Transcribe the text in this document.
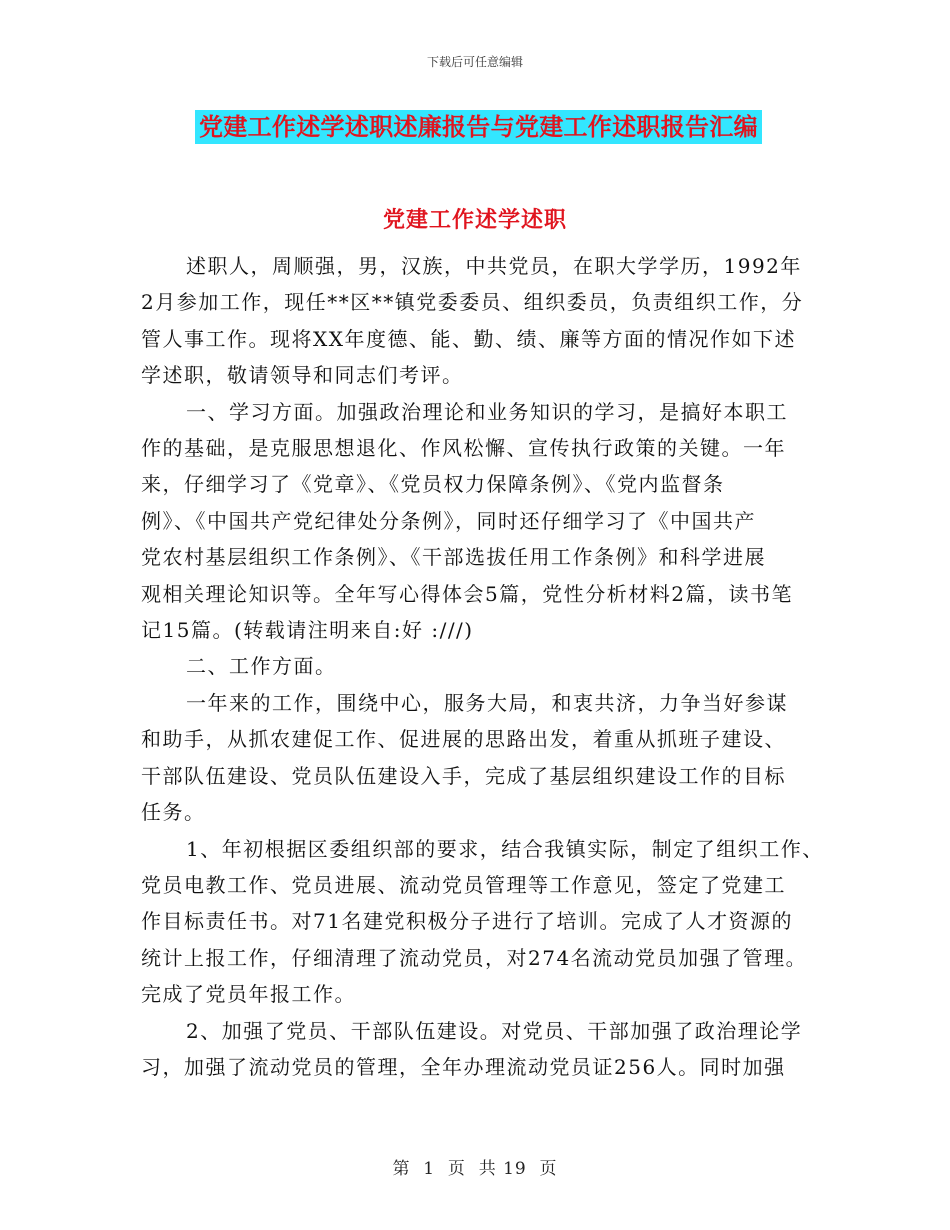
下载后可任意编辑
党建工作述学述职述廉报告与党建工作述职报告汇编
党建工作述学述职

述职人，周顺强，男，汉族，中共党员，在职大学学历，1992年
2月参加工作，现任**区**镇党委委员、组织委员，负责组织工作，分
管人事工作。现将XX年度德、能、勤、绩、廉等方面的情况作如下述
学述职，敬请领导和同志们考评。

一、学习方面。加强政治理论和业务知识的学习，是搞好本职工
作的基础，是克服思想退化、作风松懈、宣传执行政策的关键。一年
来，仔细学习了《党章》、《党员权力保障条例》、《党内监督条
例》、《中国共产党纪律处分条例》，同时还仔细学习了《中国共产
党农村基层组织工作条例》、《干部选拔任用工作条例》和科学进展
观相关理论知识等。全年写心得体会5篇，党性分析材料2篇，读书笔
记15篇。(转载请注明来自:好 :///)

二、工作方面。

一年来的工作，围绕中心，服务大局，和衷共济，力争当好参谋
和助手，从抓农建促工作、促进展的思路出发，着重从抓班子建设、
干部队伍建设、党员队伍建设入手，完成了基层组织建设工作的目标
任务。

1、年初根据区委组织部的要求，结合我镇实际，制定了组织工作、
党员电教工作、党员进展、流动党员管理等工作意见，签定了党建工
作目标责任书。对71名建党积极分子进行了培训。完成了人才资源的
统计上报工作，仔细清理了流动党员，对274名流动党员加强了管理。
完成了党员年报工作。

2、加强了党员、干部队伍建设。对党员、干部加强了政治理论学
习，加强了流动党员的管理，全年办理流动党员证256人。同时加强

第  1  页  共 19  页
